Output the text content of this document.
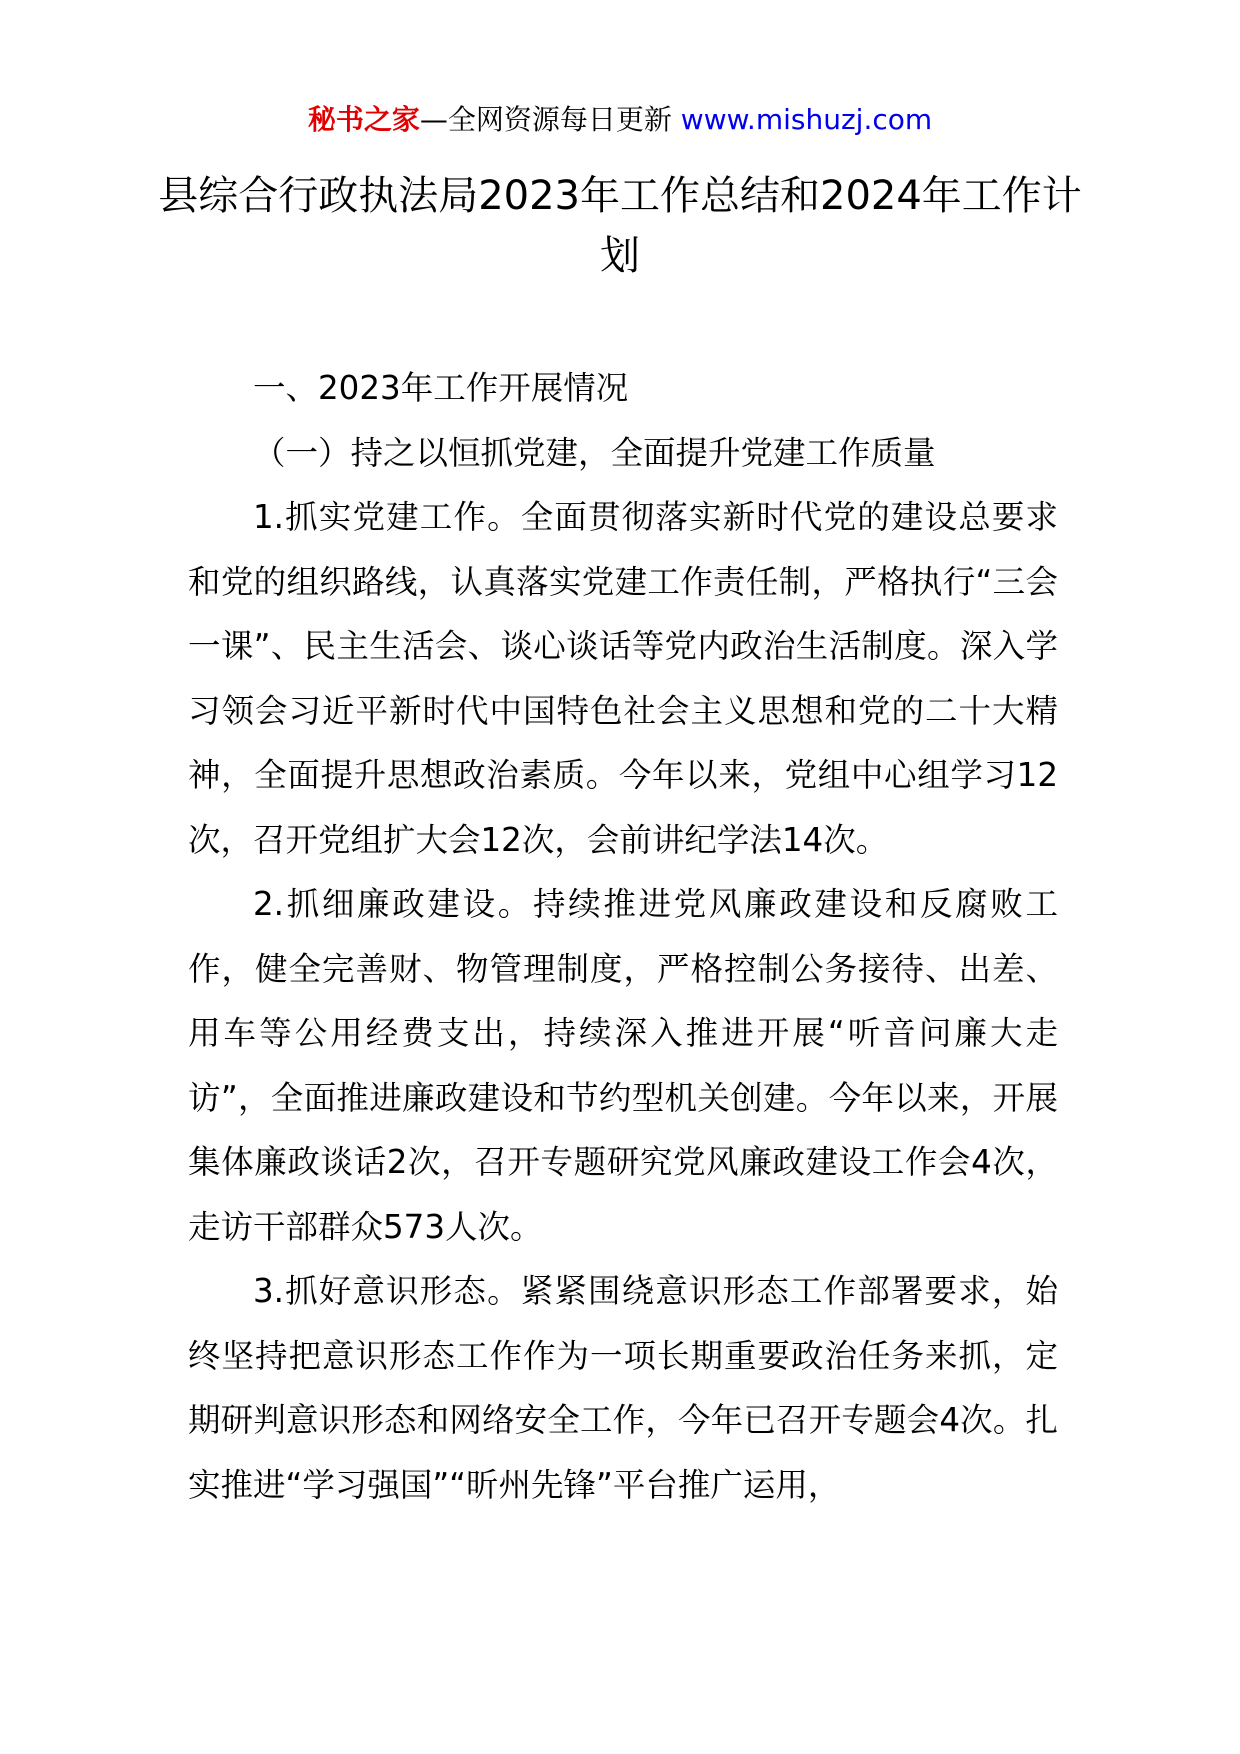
秘书之家—全网资源每日更新 www.mishuzj.com
县综合行政执法局2023年工作总结和2024年工作计划

一、2023年工作开展情况

（一）持之以恒抓党建，全面提升党建工作质量

1.抓实党建工作。全面贯彻落实新时代党的建设总要求和党的组织路线，认真落实党建工作责任制，严格执行“三会一课”、民主生活会、谈心谈话等党内政治生活制度。深入学习领会习近平新时代中国特色社会主义思想和党的二十大精神，全面提升思想政治素质。今年以来，党组中心组学习12次，召开党组扩大会12次，会前讲纪学法14次。

2.抓细廉政建设。持续推进党风廉政建设和反腐败工作，健全完善财、物管理制度，严格控制公务接待、出差、用车等公用经费支出，持续深入推进开展“听音问廉大走访”，全面推进廉政建设和节约型机关创建。今年以来，开展集体廉政谈话2次，召开专题研究党风廉政建设工作会4次，走访干部群众573人次。

3.抓好意识形态。紧紧围绕意识形态工作部署要求，始终坚持把意识形态工作作为一项长期重要政治任务来抓，定期研判意识形态和网络安全工作，今年已召开专题会4次。扎实推进“学习强国”“昕州先锋”平台推广运用，
